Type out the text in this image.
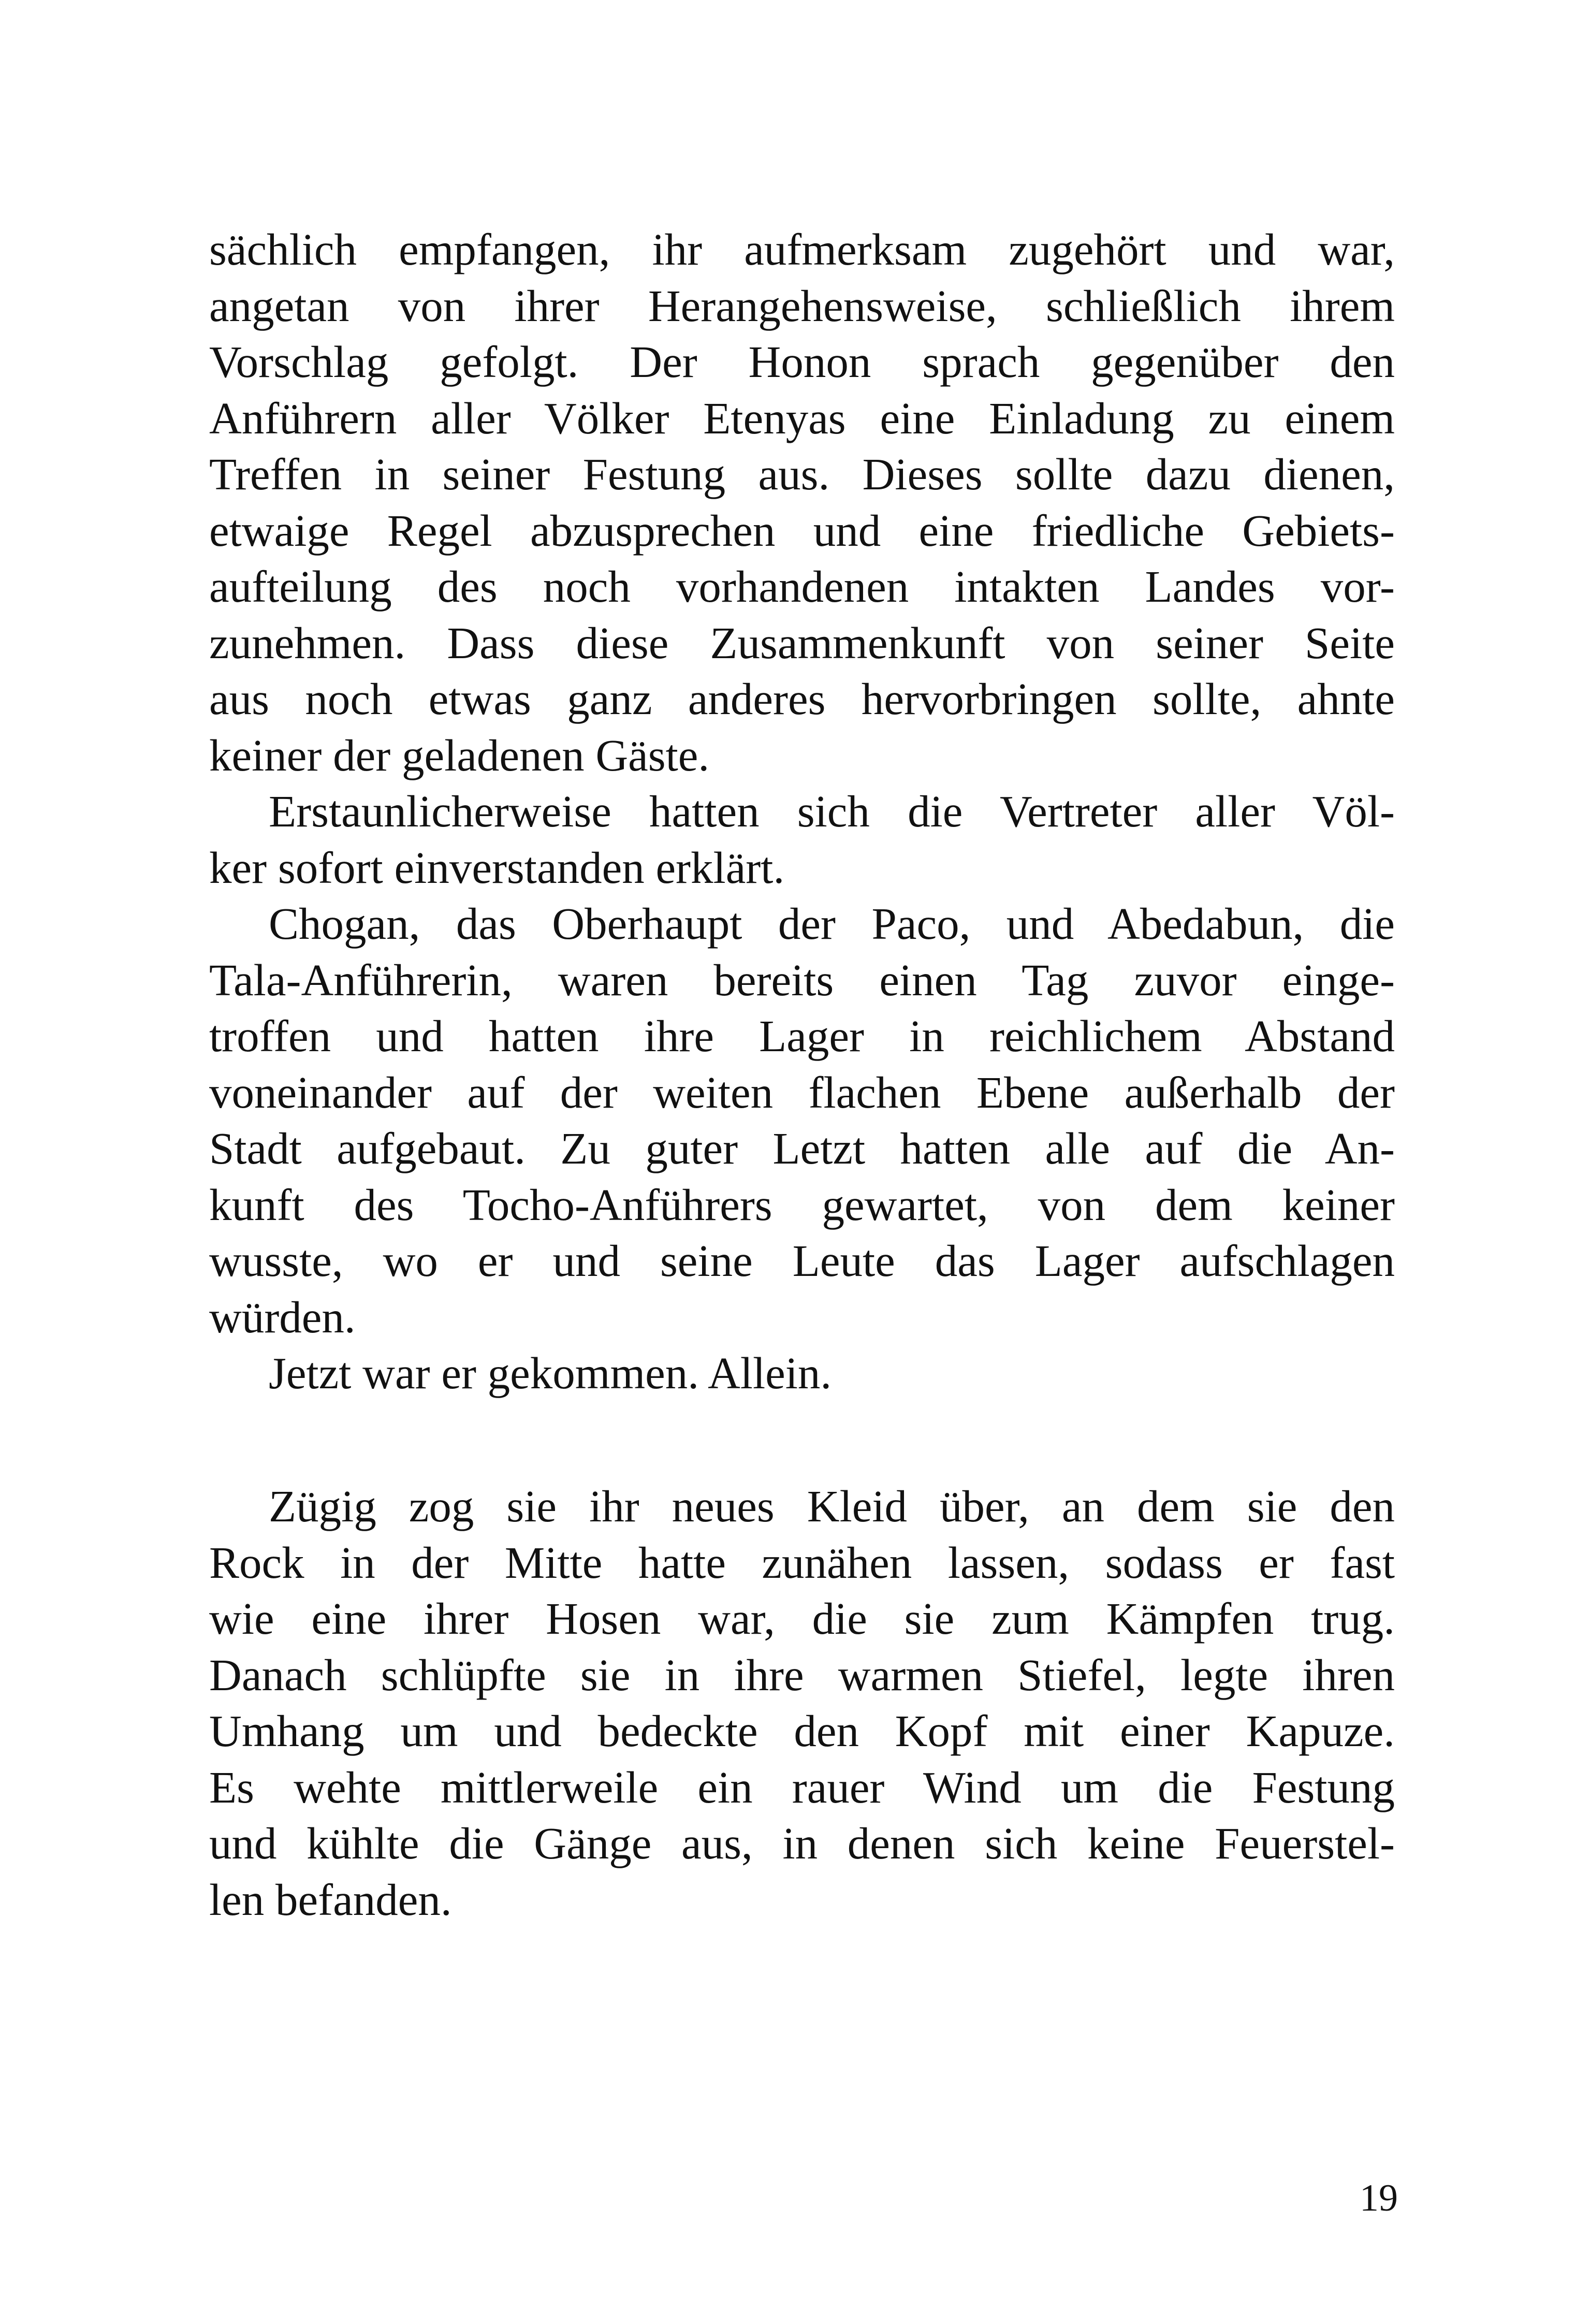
sächlich empfangen, ihr aufmerksam zugehört und war,
angetan von ihrer Herangehensweise, schließlich ihrem
Vorschlag gefolgt. Der Honon sprach gegenüber den
Anführern aller Völker Etenyas eine Einladung zu einem
Treffen in seiner Festung aus. Dieses sollte dazu dienen,
etwaige Regel abzusprechen und eine friedliche Gebiets-
aufteilung des noch vorhandenen intakten Landes vor-
zunehmen. Dass diese Zusammenkunft von seiner Seite
aus noch etwas ganz anderes hervorbringen sollte, ahnte
keiner der geladenen Gäste.
Erstaunlicherweise hatten sich die Vertreter aller Völ-
ker sofort einverstanden erklärt.
Chogan, das Oberhaupt der Paco, und Abedabun, die
Tala-Anführerin, waren bereits einen Tag zuvor einge-
troffen und hatten ihre Lager in reichlichem Abstand
voneinander auf der weiten flachen Ebene außerhalb der
Stadt aufgebaut. Zu guter Letzt hatten alle auf die An-
kunft des Tocho-Anführers gewartet, von dem keiner
wusste, wo er und seine Leute das Lager aufschlagen
würden.
Jetzt war er gekommen. Allein.
Zügig zog sie ihr neues Kleid über, an dem sie den
Rock in der Mitte hatte zunähen lassen, sodass er fast
wie eine ihrer Hosen war, die sie zum Kämpfen trug.
Danach schlüpfte sie in ihre warmen Stiefel, legte ihren
Umhang um und bedeckte den Kopf mit einer Kapuze.
Es wehte mittlerweile ein rauer Wind um die Festung
und kühlte die Gänge aus, in denen sich keine Feuerstel-
len befanden.
19
